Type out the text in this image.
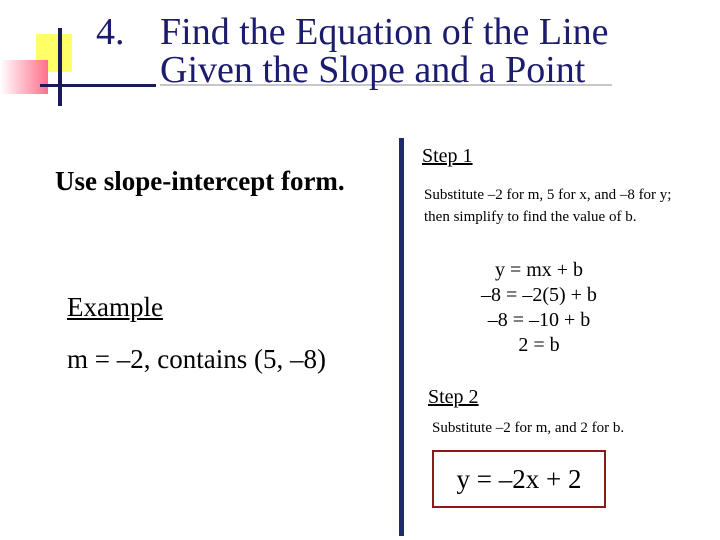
4. Find the Equation of the Line
Given the Slope and a Point
Use slope-intercept form.
Example
m = –2, contains (5, –8)
Step 1
Substitute –2 for m, 5 for x, and –8 for y; then simplify to find the value of b.
y = mx + b
–8 = –2(5) + b
–8 = –10 + b
2 = b
Step 2
Substitute –2 for m, and 2 for b.
y = –2x + 2
